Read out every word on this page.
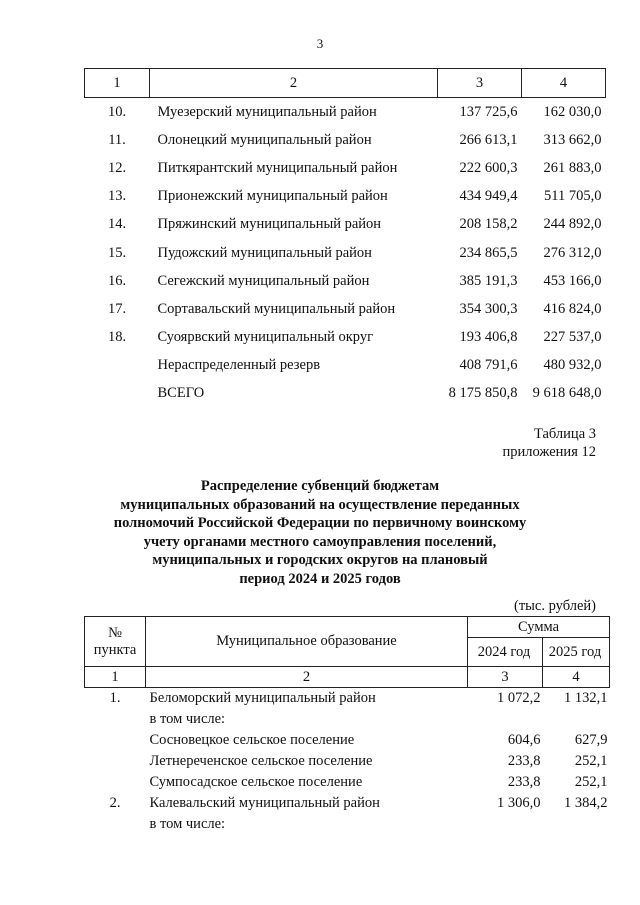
3
1	2	3	4
10.	Муезерский муниципальный район	137 725,6	162 030,0
11.	Олонецкий муниципальный район	266 613,1	313 662,0
12.	Питкярантский муниципальный район	222 600,3	261 883,0
13.	Прионежский муниципальный район	434 949,4	511 705,0
14.	Пряжинский муниципальный район	208 158,2	244 892,0
15.	Пудожский муниципальный район	234 865,5	276 312,0
16.	Сегежский муниципальный район	385 191,3	453 166,0
17.	Сортавальский муниципальный район	354 300,3	416 824,0
18.	Суоярвский муниципальный округ	193 406,8	227 537,0
	Нераспределенный резерв	408 791,6	480 932,0
	ВСЕГО	8 175 850,8	9 618 648,0
Таблица 3
приложения 12
Распределение субвенций бюджетам
муниципальных образований на осуществление переданных
полномочий Российской Федерации по первичному воинскому
учету органами местного самоуправления поселений,
муниципальных и городских округов на плановый
период 2024 и 2025 годов
(тыс. рублей)
№
пункта	Муниципальное образование	Сумма	
		2024 год	2025 год
1	2	3	4
1.	Беломорский муниципальный район	1 072,2	1 132,1
	в том числе:		
	Сосновецкое сельское поселение	604,6	627,9
	Летнереченское сельское поселение	233,8	252,1
	Сумпосадское сельское поселение	233,8	252,1
2.	Калевальский муниципальный район	1 306,0	1 384,2
	в том числе:		
